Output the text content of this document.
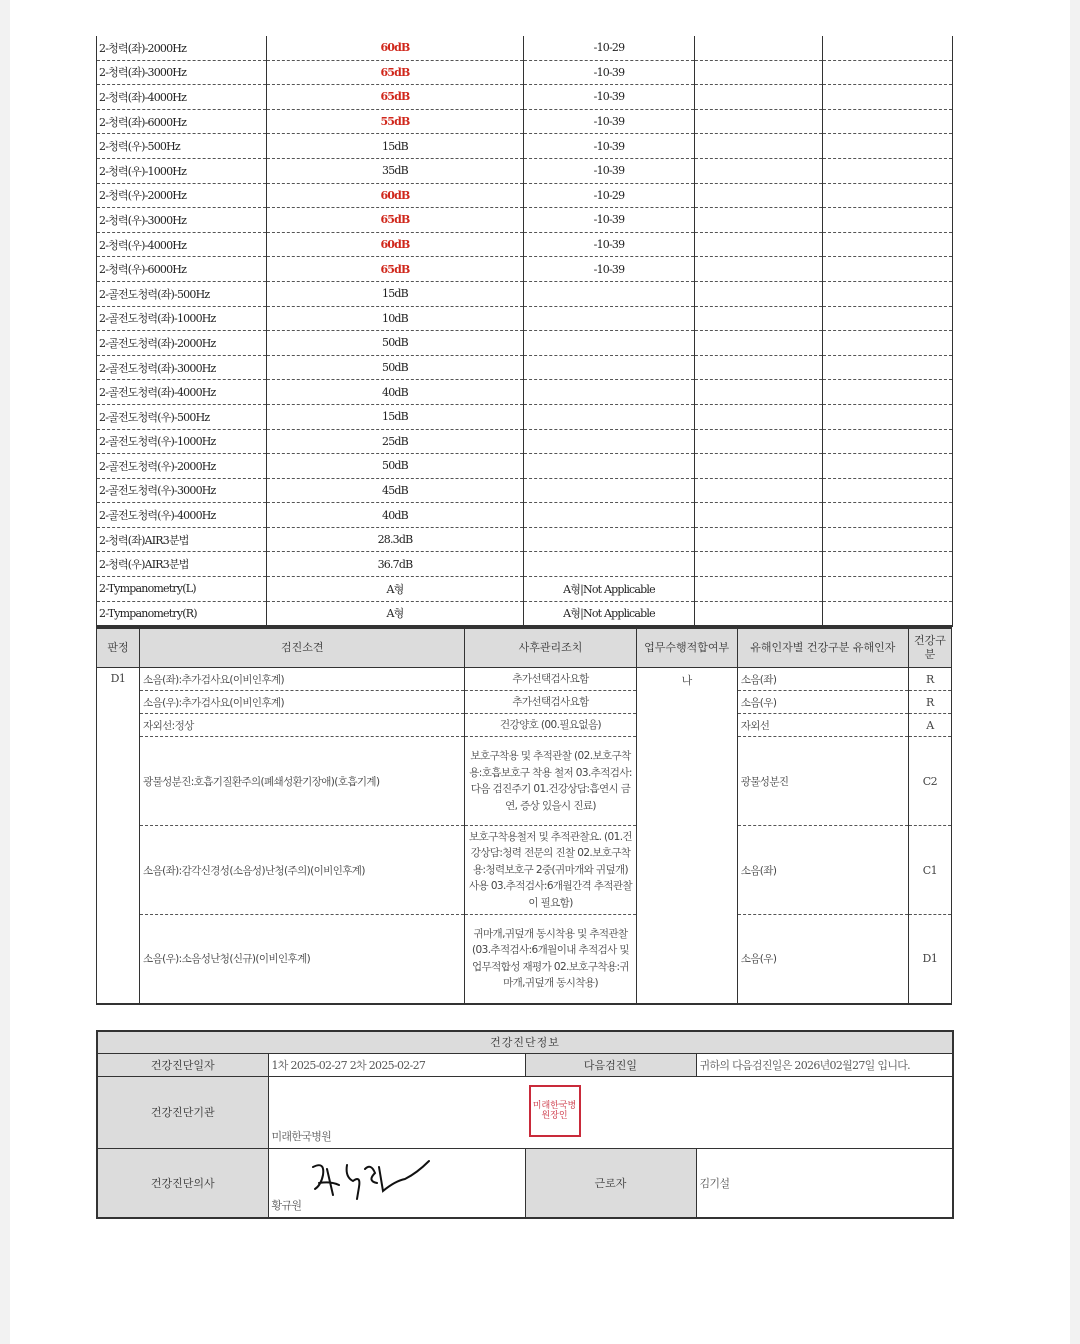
2-청력(좌)-2000Hz	60dB	-10-29		
2-청력(좌)-3000Hz	65dB	-10-39		
2-청력(좌)-4000Hz	65dB	-10-39		
2-청력(좌)-6000Hz	55dB	-10-39		
2-청력(우)-500Hz	15dB	-10-39		
2-청력(우)-1000Hz	35dB	-10-39		
2-청력(우)-2000Hz	60dB	-10-29		
2-청력(우)-3000Hz	65dB	-10-39		
2-청력(우)-4000Hz	60dB	-10-39		
2-청력(우)-6000Hz	65dB	-10-39		
2-골전도청력(좌)-500Hz	15dB			
2-골전도청력(좌)-1000Hz	10dB			
2-골전도청력(좌)-2000Hz	50dB			
2-골전도청력(좌)-3000Hz	50dB			
2-골전도청력(좌)-4000Hz	40dB			
2-골전도청력(우)-500Hz	15dB			
2-골전도청력(우)-1000Hz	25dB			
2-골전도청력(우)-2000Hz	50dB			
2-골전도청력(우)-3000Hz	45dB			
2-골전도청력(우)-4000Hz	40dB			
2-청력(좌)AIR3분법	28.3dB			
2-청력(우)AIR3분법	36.7dB			
2-Tympanometry(L)	A형	A형|Not Applicable		
2-Tympanometry(R)	A형	A형|Not Applicable		
판정	검진소견	사후관리조치	업무수행적합여부	유해인자별 건강구분 유해인자	건강구분
D1	소음(좌):추가검사요(이비인후계)	추가선택검사요함	나	소음(좌)	R
	소음(우):추가검사요(이비인후계)	추가선택검사요함		소음(우)	R
	자외선:정상	건강양호 (00.필요없음)		자외선	A
	광물성분진:호흡기질환주의(폐쇄성환기장애)(호흡기계)	보호구착용 및 추적관찰 (02.보호구착용:호흡보호구 착용 철저 03.추적검사:다음 검진주기 01.건강상담:흡연시 금연, 증상 있을시 진료)		광물성분진	C2
	소음(좌):감각신경성(소음성)난청(주의)(이비인후계)	보호구착용철저 및 추적관찰요. (01.건강상담:청력 전문의 진찰 02.보호구착용:청력보호구 2중(귀마개와 귀덮개)사용 03.추적검사:6개월간격 추적관찰이 필요함)		소음(좌)	C1
	소음(우):소음성난청(신규)(이비인후계)	귀마개,귀덮개 동시착용 및 추적관찰 (03.추적검사:6개월이내 추적검사 및 업무적합성 재평가 02.보호구착용:귀마개,귀덮개 동시착용)		소음(우)	D1
건강진단정보			
건강진단일자	1차 2025-02-27 2차 2025-02-27	다음검진일	귀하의 다음검진일은 2026년02월27일 입니다.
건강진단기관	미래한국병원
미래한국병원장인		

건강진단의사	황규원	근로자	김기설
